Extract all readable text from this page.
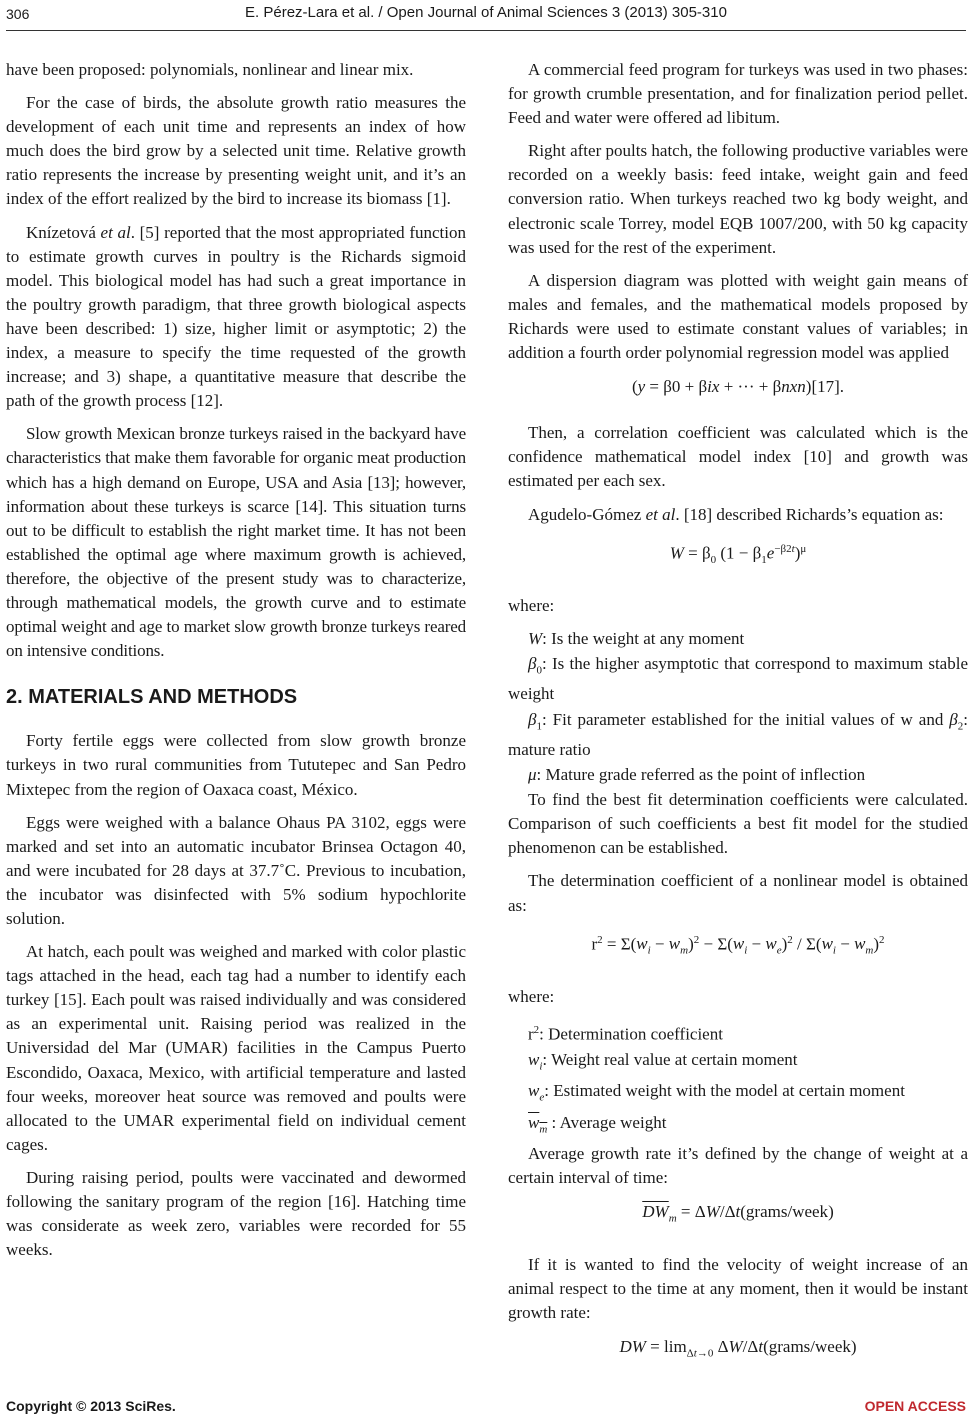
306	E. Pérez-Lara et al. / Open Journal of Animal Sciences 3 (2013) 305-310

have been proposed: polynomials, nonlinear and linear mix.

For the case of birds, the absolute growth ratio measures the development of each unit time and represents an index of how much does the bird grow by a selected unit time. Relative growth ratio represents the increase by presenting weight unit, and it’s an index of the effort realized by the bird to increase its biomass [1].

Knízetová et al. [5] reported that the most appropriated function to estimate growth curves in poultry is the Richards sigmoid model. This biological model has had such a great importance in the poultry growth paradigm, that three growth biological aspects have been described: 1) size, higher limit or asymptotic; 2) the index, a measure to specify the time requested of the growth increase; and 3) shape, a quantitative measure that describe the path of the growth process [12].

Slow growth Mexican bronze turkeys raised in the backyard have characteristics that make them favorable for organic meat production which has a high demand on Europe, USA and Asia [13]; however, information about these turkeys is scarce [14]. This situation turns out to be difficult to establish the right market time. It has not been established the optimal age where maximum growth is achieved, therefore, the objective of the present study was to characterize, through mathematical models, the growth curve and to estimate optimal weight and age to market slow growth bronze turkeys reared on intensive conditions.

2. MATERIALS AND METHODS

Forty fertile eggs were collected from slow growth bronze turkeys in two rural communities from Tututepec and San Pedro Mixtepec from the region of Oaxaca coast, México.

Eggs were weighed with a balance Ohaus PA 3102, eggs were marked and set into an automatic incubator Brinsea Octagon 40, and were incubated for 28 days at 37.7˚C. Previous to incubation, the incubator was disinfected with 5% sodium hypochlorite solution.

At hatch, each poult was weighed and marked with color plastic tags attached in the head, each tag had a number to identify each turkey [15]. Each poult was raised individually and was considered as an experimental unit. Raising period was realized in the Universidad del Mar (UMAR) facilities in the Campus Puerto Escondido, Oaxaca, Mexico, with artificial temperature and lasted four weeks, moreover heat source was removed and poults were allocated to the UMAR experimental field on individual cement cages.

During raising period, poults were vaccinated and dewormed following the sanitary program of the region [16]. Hatching time was considerate as week zero, variables were recorded for 55 weeks.

A commercial feed program for turkeys was used in two phases: for growth crumble presentation, and for finalization period pellet. Feed and water were offered ad libitum.

Right after poults hatch, the following productive variables were recorded on a weekly basis: feed intake, weight gain and feed conversion ratio. When turkeys reached two kg body weight, and electronic scale Torrey, model EQB 1007/200, with 50 kg capacity was used for the rest of the experiment.

A dispersion diagram was plotted with weight gain means of males and females, and the mathematical models proposed by Richards were used to estimate constant values of variables; in addition a fourth order polynomial regression model was applied

(y = β0 + βix + ··· + βnxn)[17].

Then, a correlation coefficient was calculated which is the confidence mathematical model index [10] and growth was estimated per each sex.

Agudelo-Gómez et al. [18] described Richards’s equation as:

$W = \beta_0$ $(1 - \beta_1e^{-\beta 2t})^\mu$

where:

W: Is the weight at any moment

$\beta_0$: Is the higher asymptotic that correspond to maximum stable weight

$\beta_1$: Fit parameter established for the initial values of w and $\beta_2$: mature ratio

μ: Mature grade referred as the point of inflection

To find the best fit determination coefficients were calculated. Comparison of such coefficients a best fit model for the studied phenomenon can be established.

The determination coefficient of a nonlinear model is obtained as:

$r^2 = \Sigma(w_i - w_m)^2 - \Sigma(w_i - w_e)^2 / \Sigma(w_i - w_m)^2$

where:

$r^2$: Determination coefficient

$w_i$: Weight real value at certain moment

$w_e$: Estimated weight with the model at certain moment

$w_m$ : Average weight

Average growth rate it’s defined by the change of weight at a certain interval of time:

$\overline{DW}_m$ = ΔW/Δt(grams/week)

If it is wanted to find the velocity of weight increase of an animal respect to the time at any moment, then it would be instant growth rate:

DW = $\lim_{\Delta t\to 0}$ ΔW/Δt(grams/week)
Copyright © 2013 SciRes.	OPEN ACCESS
